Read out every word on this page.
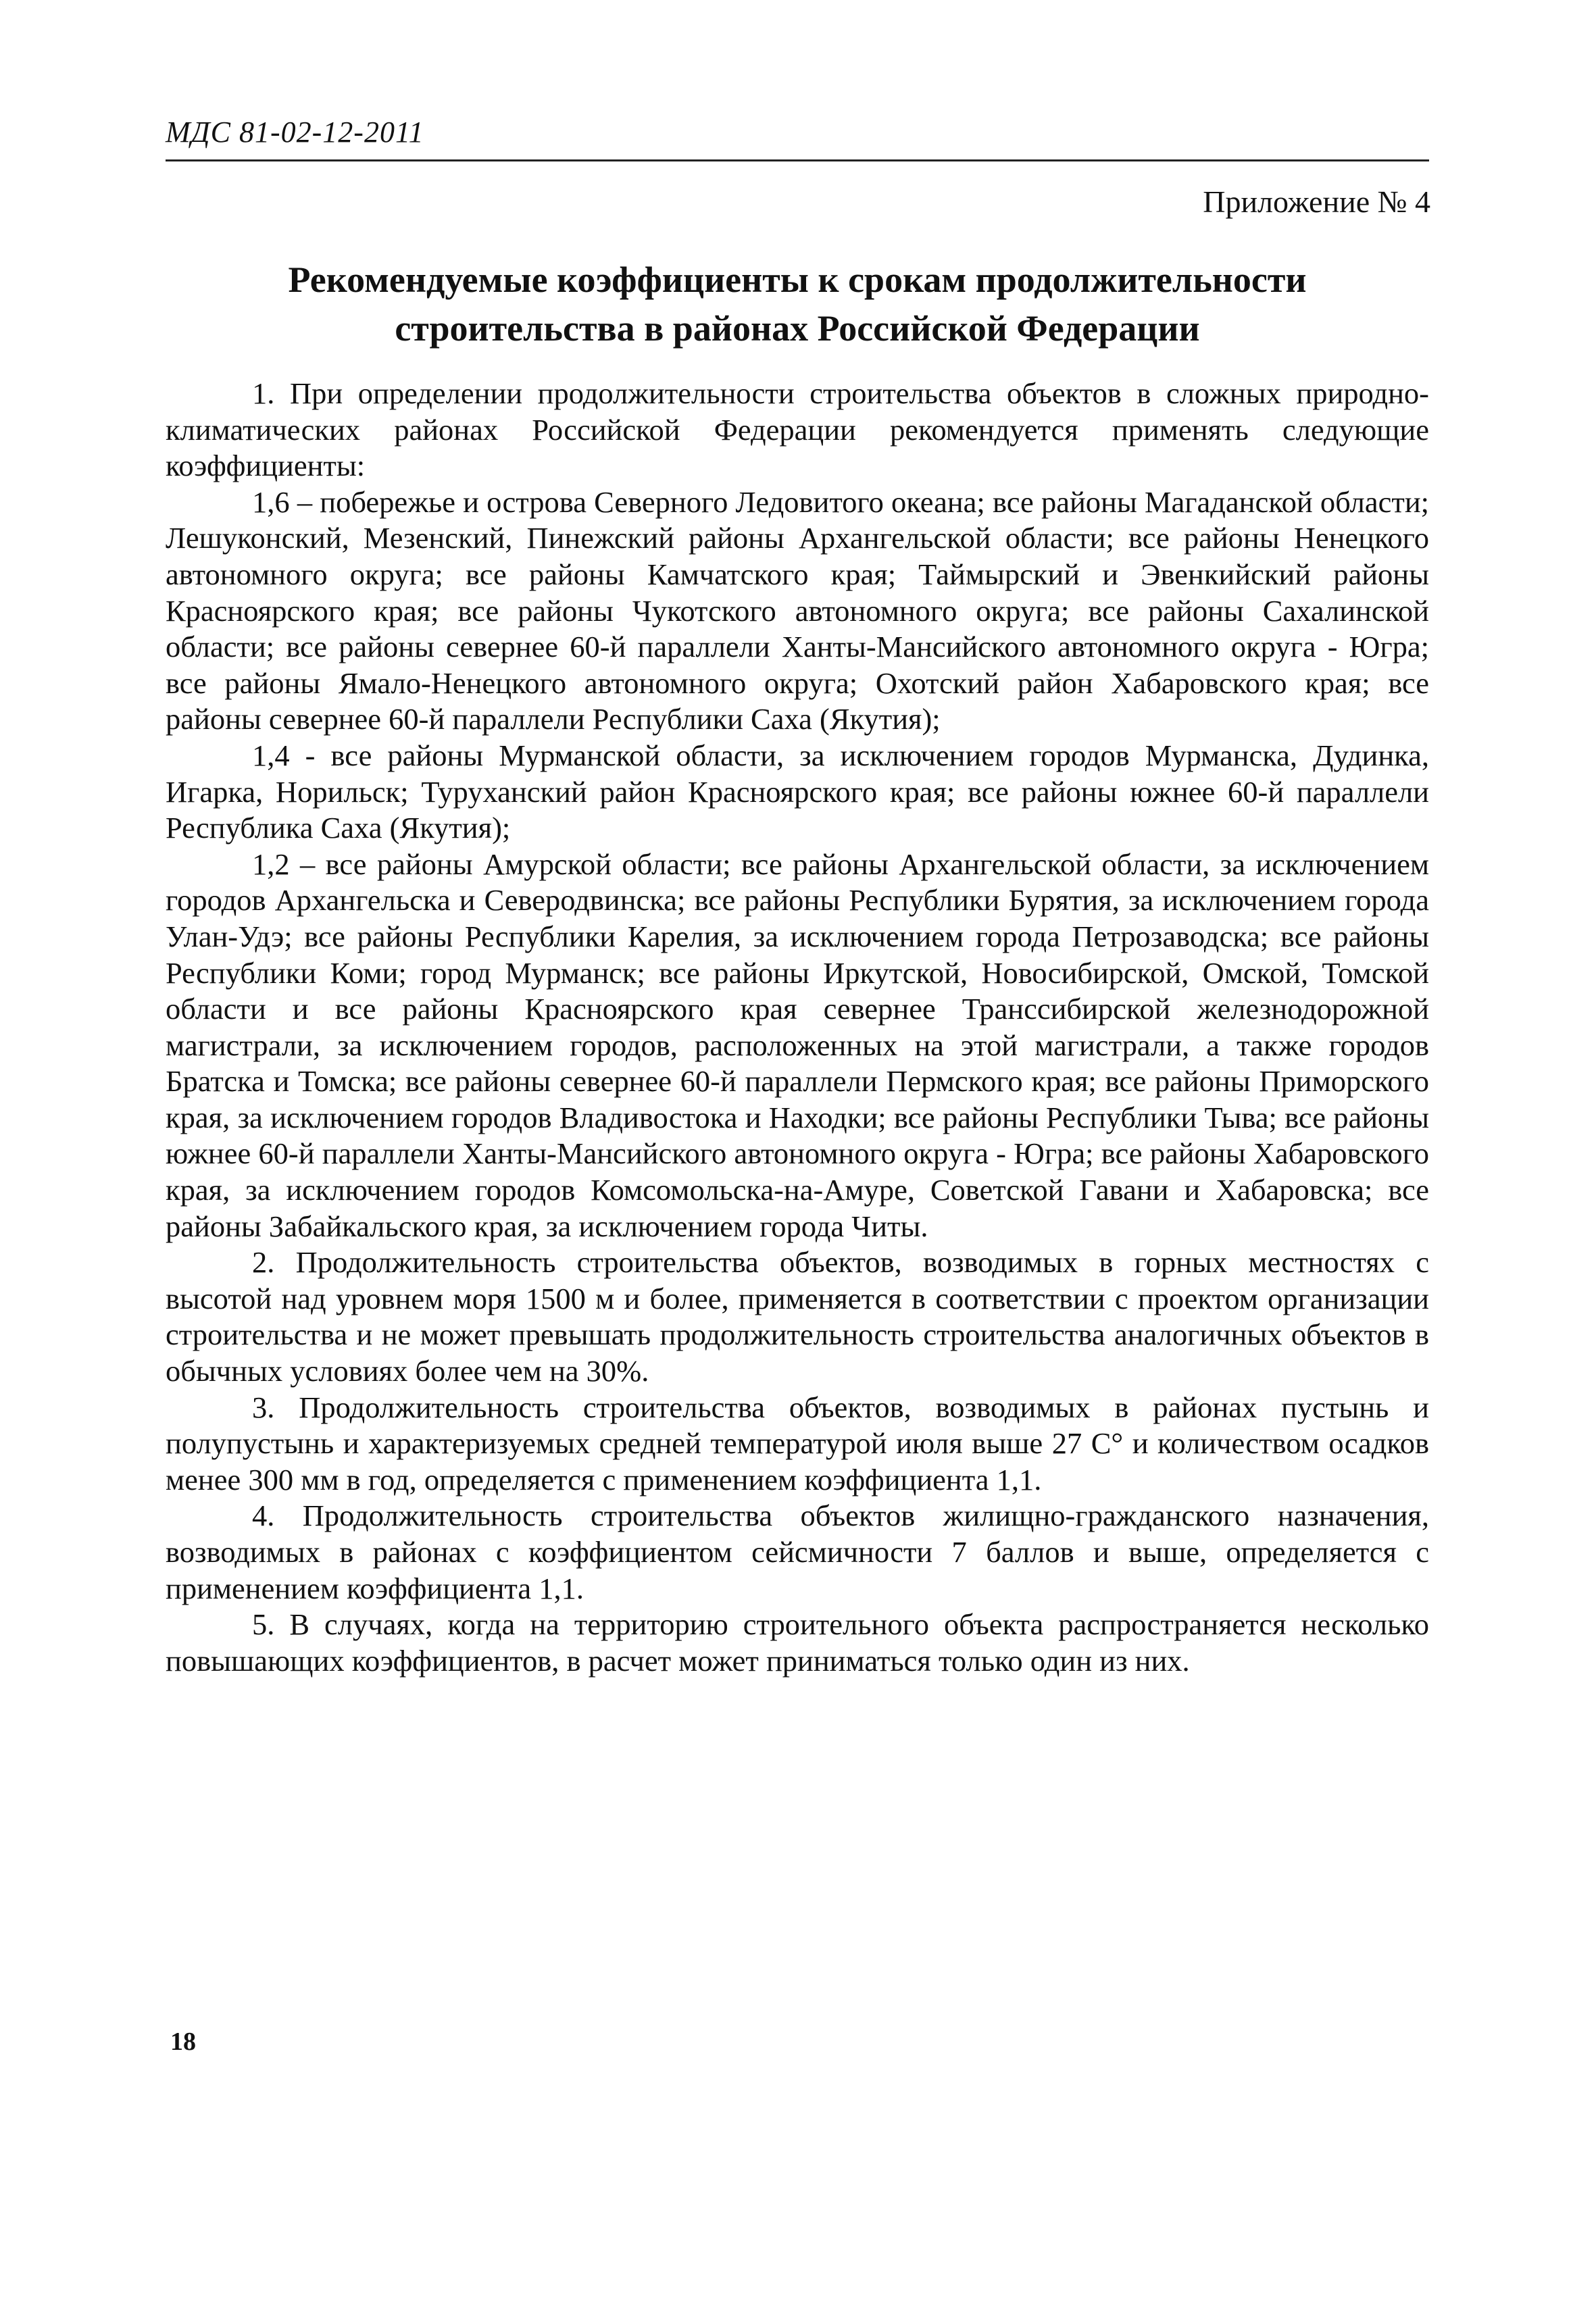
МДС 81-02-12-2011
Приложение № 4
Рекомендуемые коэффициенты к срокам продолжительности
строительства в районах Российской Федерации

1. При определении продолжительности строительства объектов в сложных природно-климатических районах Российской Федерации рекомендуется применять следующие коэффициенты:

1,6 – побережье и острова Северного Ледовитого океана; все районы Магаданской области; Лешуконский, Мезенский, Пинежский районы Архангельской области; все районы Ненецкого автономного округа; все районы Камчатского края; Таймырский и Эвенкийский районы Красноярского края; все районы Чукотского автономного округа; все районы Сахалинской области; все районы севернее 60-й параллели Ханты-Мансийского автономного округа - Югра; все районы Ямало-Ненецкого автономного округа; Охотский район Хабаровского края; все районы севернее 60-й параллели Республики Саха (Якутия);

1,4 - все районы Мурманской области, за исключением городов Мурманска, Дудинка, Игарка, Норильск; Туруханский район Красноярского края; все районы южнее 60-й параллели Республика Саха (Якутия);

1,2 – все районы Амурской области; все районы Архангельской области, за исключением городов Архангельска и Северодвинска; все районы Республики Бурятия, за исключением города Улан-Удэ; все районы Республики Карелия, за исключением города Петрозаводска; все районы Республики Коми; город Мурманск; все районы Иркутской, Новосибирской, Омской, Томской области и все районы Красноярского края севернее Транссибирской железнодорожной магистрали, за исключением городов, расположенных на этой магистрали, а также городов Братска и Томска; все районы севернее 60-й параллели Пермского края; все районы Приморского края, за исключением городов Владивостока и Находки; все районы Республики Тыва; все районы южнее 60-й параллели Ханты-Мансийского автономного округа - Югра; все районы Хабаровского края, за исключением городов Комсомольска-на-Амуре, Советской Гавани и Хабаровска; все районы Забайкальского края, за исключением города Читы.

2. Продолжительность строительства объектов, возводимых в горных местностях с высотой над уровнем моря 1500 м и более, применяется в соответствии с проектом организации строительства и не может превышать продолжительность строительства аналогичных объектов в обычных условиях более чем на 30%.

3. Продолжительность строительства объектов, возводимых в районах пустынь и полупустынь и характеризуемых средней температурой июля выше 27 С° и количеством осадков менее 300 мм в год, определяется с применением коэффициента 1,1.

4. Продолжительность строительства объектов жилищно-гражданского назначения, возводимых в районах с коэффициентом сейсмичности 7 баллов и выше, определяется с применением коэффициента 1,1.

5. В случаях, когда на территорию строительного объекта распространяется несколько повышающих коэффициентов, в расчет может приниматься только один из них.

18
